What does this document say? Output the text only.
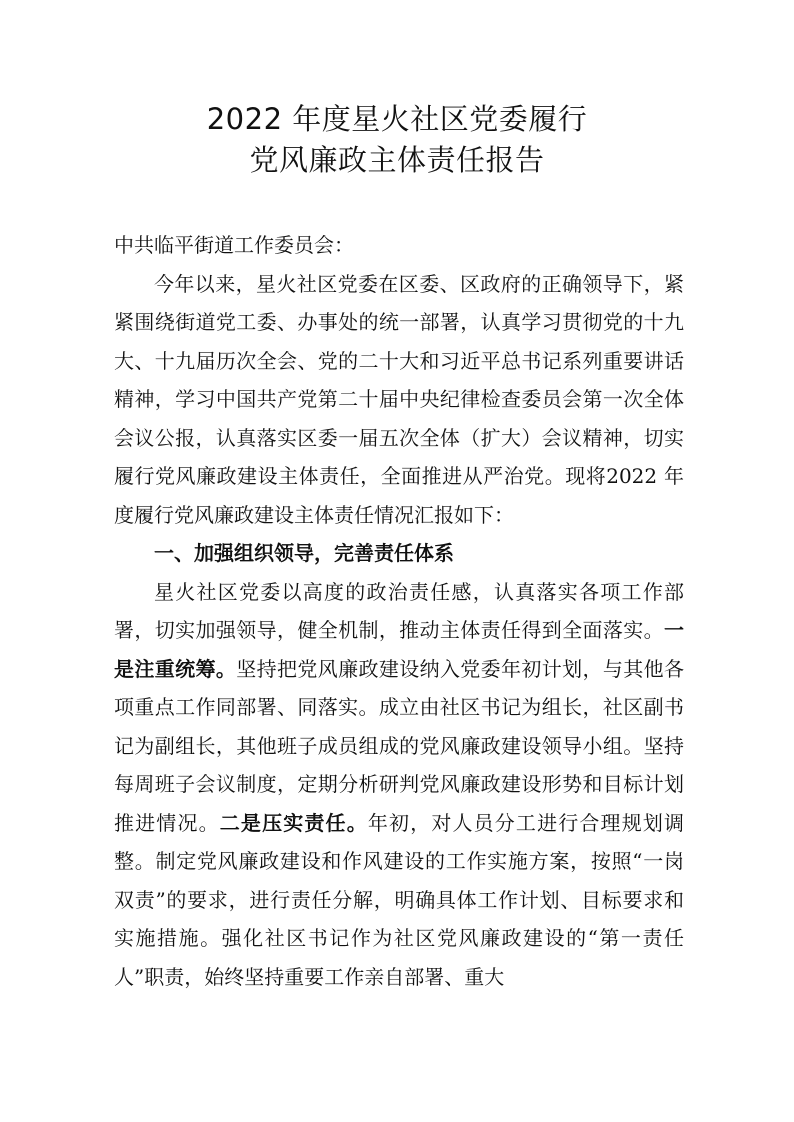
2022 年度星火社区党委履行
党风廉政主体责任报告

中共临平街道工作委员会：

今年以来，星火社区党委在区委、区政府的正确领导下，紧紧围绕街道党工委、办事处的统一部署，认真学习贯彻党的十九大、十九届历次全会、党的二十大和习近平总书记系列重要讲话精神，学习中国共产党第二十届中央纪律检查委员会第一次全体会议公报，认真落实区委一届五次全体（扩大）会议精神，切实履行党风廉政建设主体责任，全面推进从严治党。现将2022 年度履行党风廉政建设主体责任情况汇报如下：

一、加强组织领导，完善责任体系

星火社区党委以高度的政治责任感，认真落实各项工作部署，切实加强领导，健全机制，推动主体责任得到全面落实。一是注重统筹。坚持把党风廉政建设纳入党委年初计划，与其他各项重点工作同部署、同落实。成立由社区书记为组长，社区副书记为副组长，其他班子成员组成的党风廉政建设领导小组。坚持每周班子会议制度，定期分析研判党风廉政建设形势和目标计划推进情况。二是压实责任。年初，对人员分工进行合理规划调整。制定党风廉政建设和作风建设的工作实施方案，按照“一岗双责”的要求，进行责任分解，明确具体工作计划、目标要求和实施措施。强化社区书记作为社区党风廉政建设的“第一责任人”职责，始终坚持重要工作亲自部署、重大
